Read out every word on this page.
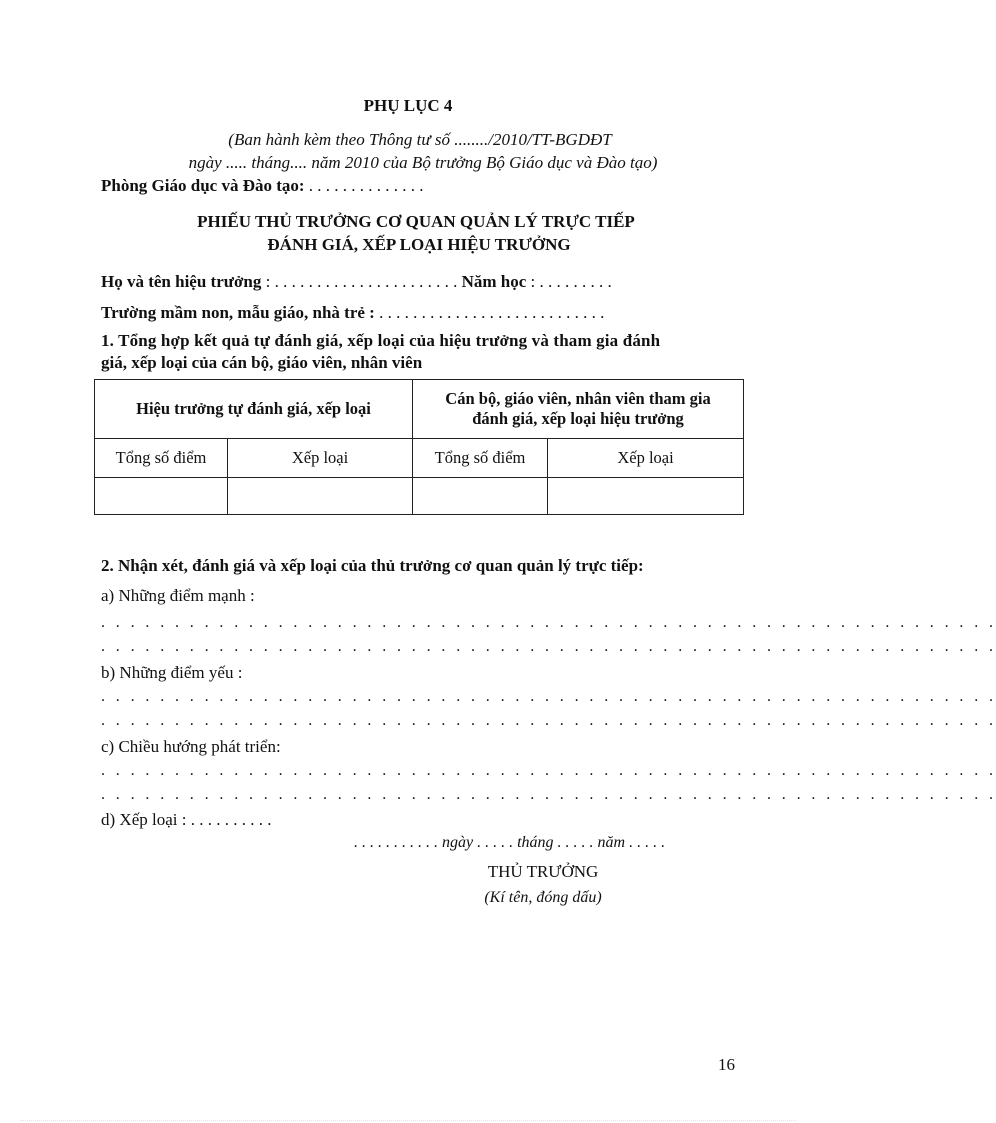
PHỤ LỤC 4
(Ban hành kèm theo Thông tư số ......../2010/TT-BGDĐT
ngày ..... tháng.... năm 2010 của Bộ trưởng Bộ Giáo dục và Đào tạo)
Phòng Giáo dục và Đào tạo: . . . . . . . . . . . . . .
PHIẾU THỦ TRƯỞNG CƠ QUAN QUẢN LÝ TRỰC TIẾP
ĐÁNH GIÁ, XẾP LOẠI HIỆU TRƯỞNG
Họ và tên hiệu trưởng : . . . . . . . . . . . . . . . . . . . . . . Năm học : . . . . . . . . .
Trường mầm non, mẫu giáo, nhà trẻ : . . . . . . . . . . . . . . . . . . . . . . . . . . .
1. Tổng hợp kết quả tự đánh giá, xếp loại của hiệu trưởng và tham gia đánh
giá, xếp loại của cán bộ, giáo viên, nhân viên
Hiệu trưởng tự đánh giá, xếp loại		Cán bộ, giáo viên, nhân viên tham gia
đánh giá, xếp loại hiệu trưởng	

Tổng số điểm	Xếp loại	Tổng số điểm	Xếp loại

2. Nhận xét, đánh giá và xếp loại của thủ trưởng cơ quan quản lý trực tiếp:
a) Những điểm mạnh :
. . . . . . . . . . . . . . . . . . . . . . . . . . . . . . . . . . . . . . . . . . . . . . . . . . . . . . . . . . . . .
. . . . . . . . . . . . . . . . . . . . . . . . . . . . . . . . . . . . . . . . . . . . . . . . . . . . . . . . . . . . .
b) Những điểm yếu :
. . . . . . . . . . . . . . . . . . . . . . . . . . . . . . . . . . . . . . . . . . . . . . . . . . . . . . . . . . . . .
. . . . . . . . . . . . . . . . . . . . . . . . . . . . . . . . . . . . . . . . . . . . . . . . . . . . . . . . . . . . .
c) Chiều hướng phát triển:
. . . . . . . . . . . . . . . . . . . . . . . . . . . . . . . . . . . . . . . . . . . . . . . . . . . . . . . . . . . . .
. . . . . . . . . . . . . . . . . . . . . . . . . . . . . . . . . . . . . . . . . . . . . . . . . . . . . . . . . . . . .
d) Xếp loại : . . . . . . . . . .
. . . . . . . . . . . ngày . . . . . tháng . . . . . năm . . . . .
THỦ TRƯỞNG
(Kí tên, đóng dấu)
16
